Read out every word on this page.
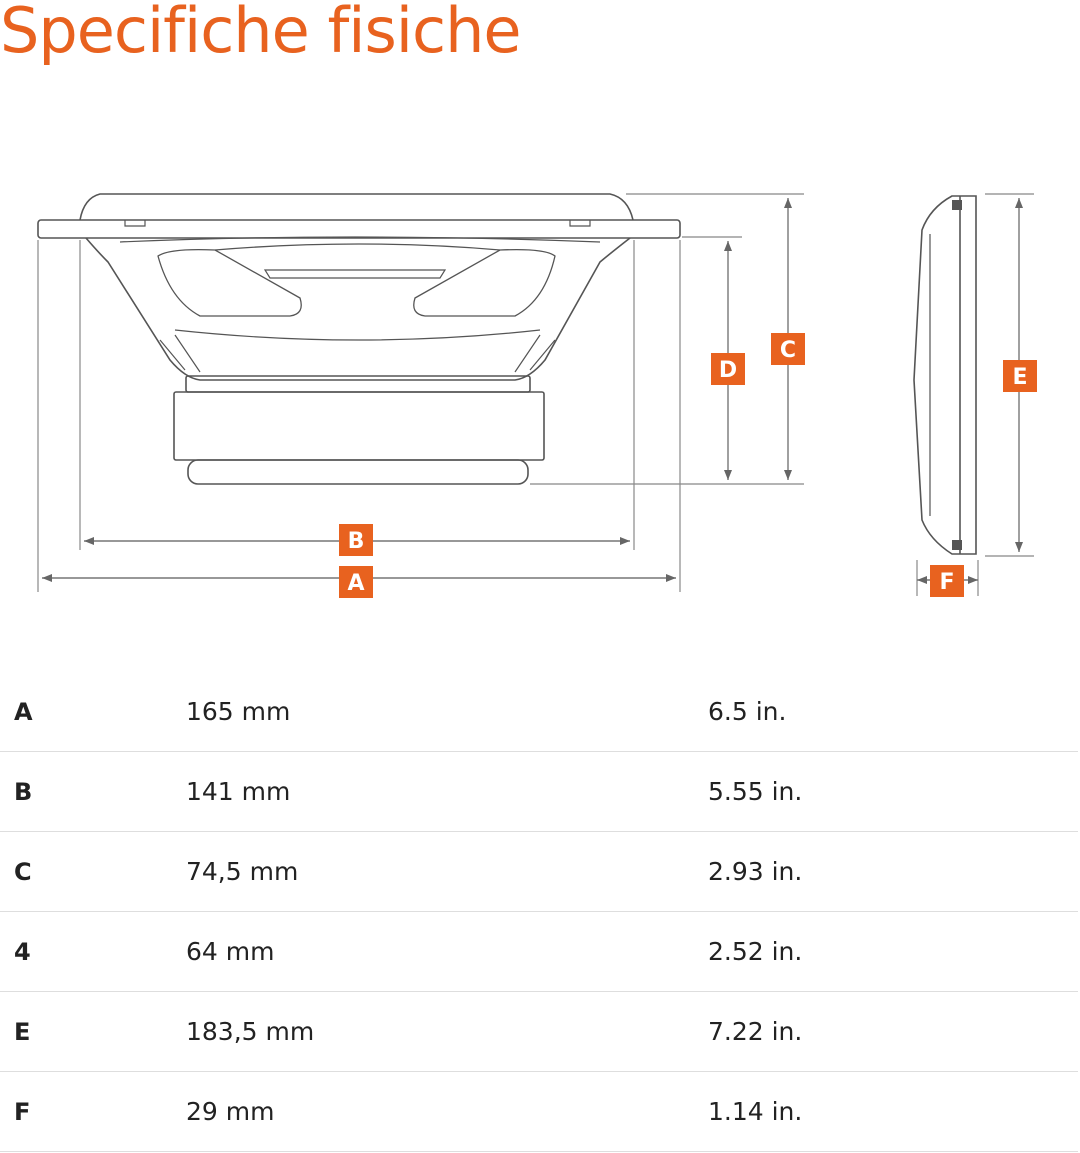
Specifiche fisiche
A
B
C
D	E
F
A	165 mm	6.5 in.
B	141 mm	5.55 in.
C	74,5 mm	2.93 in.
4	64 mm	2.52 in.
E	183,5 mm	7.22 in.
F	29 mm	1.14 in.
